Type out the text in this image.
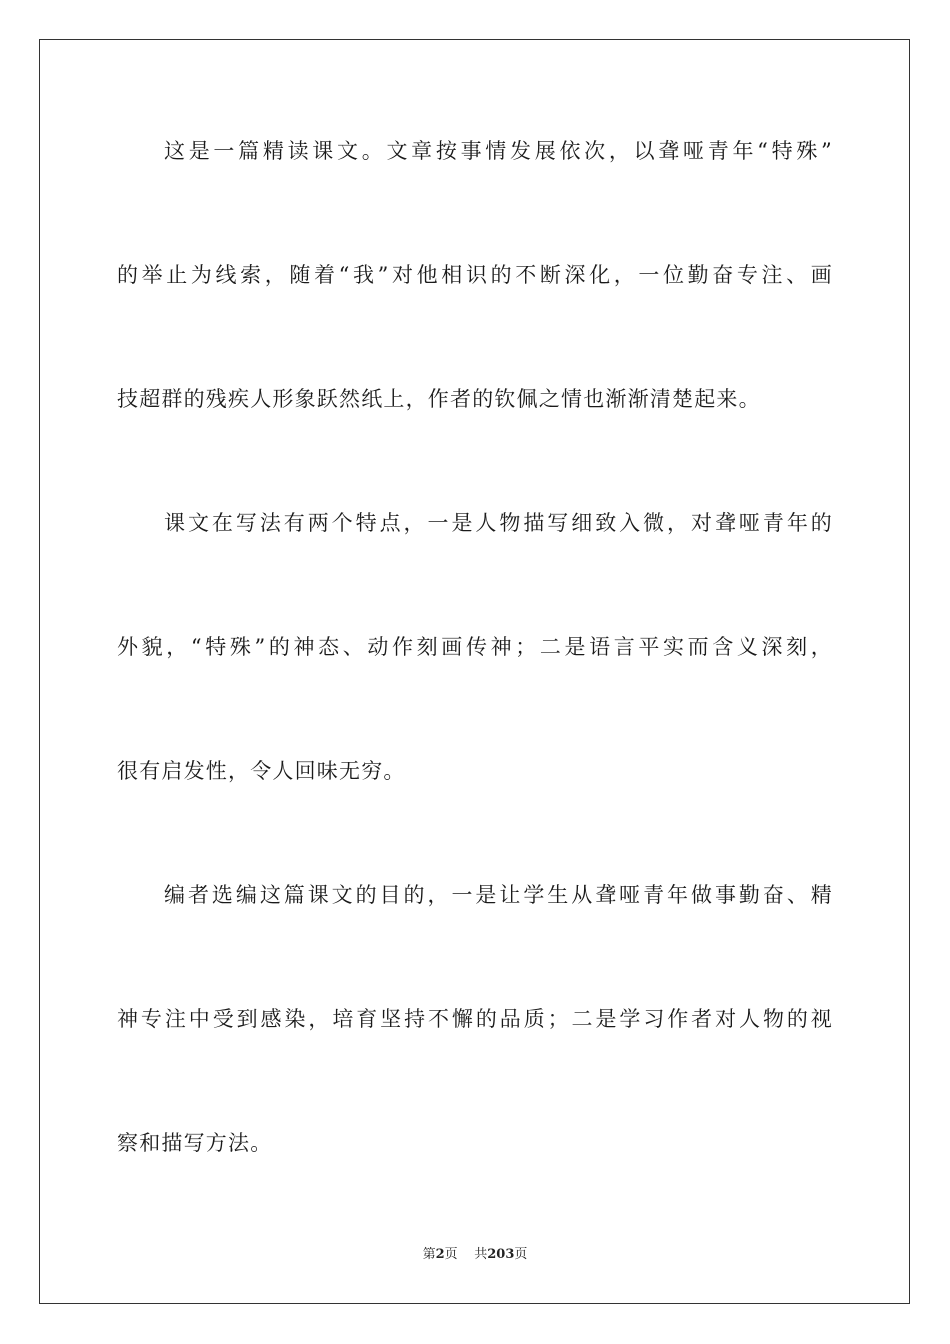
这是一篇精读课文。文章按事情发展依次，以聋哑青年“特殊”
的举止为线索，随着“我”对他相识的不断深化，一位勤奋专注、画
技超群的残疾人形象跃然纸上，作者的钦佩之情也渐渐清楚起来。
课文在写法有两个特点，一是人物描写细致入微，对聋哑青年的
外貌，“特殊”的神态、动作刻画传神；二是语言平实而含义深刻，
很有启发性，令人回味无穷。
编者选编这篇课文的目的，一是让学生从聋哑青年做事勤奋、精
神专注中受到感染，培育坚持不懈的品质；二是学习作者对人物的视
察和描写方法。
第2页 共203页
